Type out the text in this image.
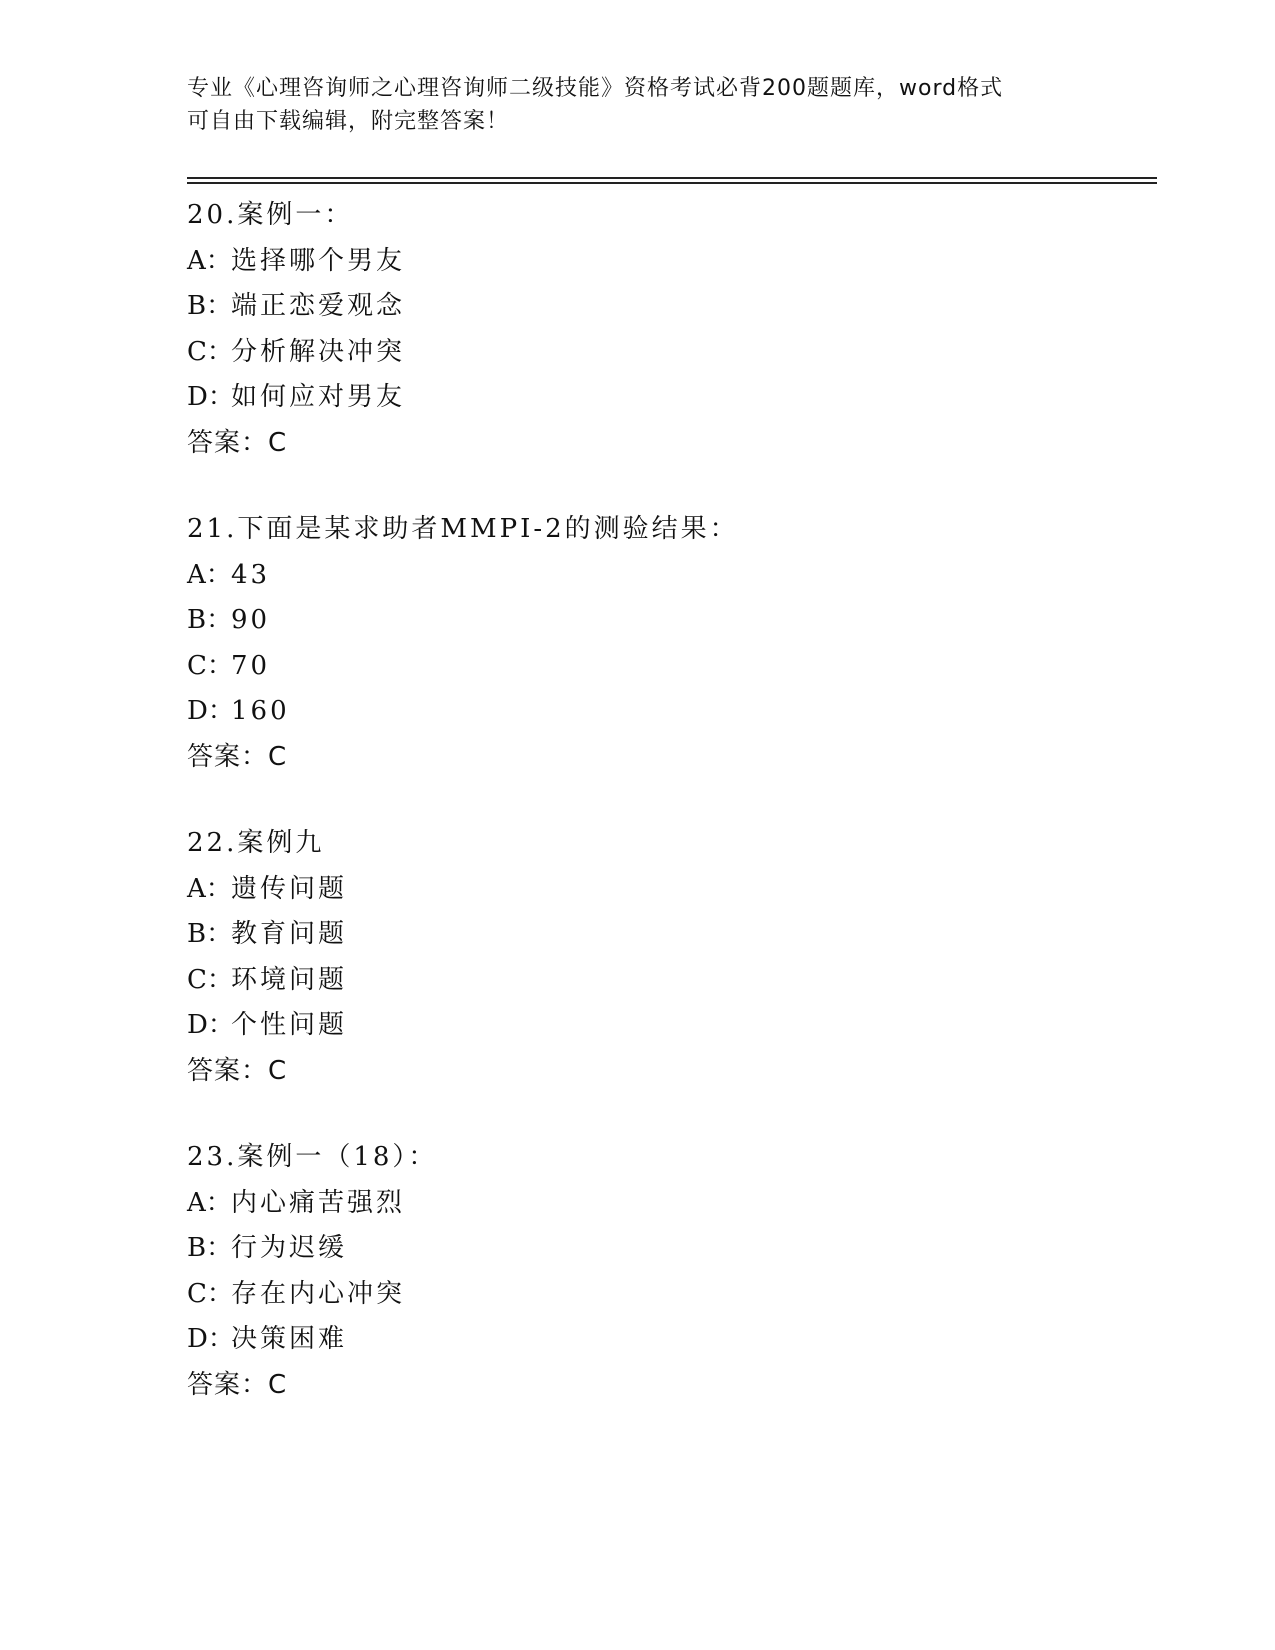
专业《心理咨询师之心理咨询师二级技能》资格考试必背200题题库，word格式
可自由下载编辑，附完整答案！
20.案例一：
A：选择哪个男友
B：端正恋爱观念
C：分析解决冲突
D：如何应对男友
答案：C
21.下面是某求助者MMPI-2的测验结果：
A：43
B：90
C：70
D：160
答案：C
22.案例九
A：遗传问题
B：教育问题
C：环境问题
D：个性问题
答案：C
23.案例一（18）：
A：内心痛苦强烈
B：行为迟缓
C：存在内心冲突
D：决策困难
答案：C
